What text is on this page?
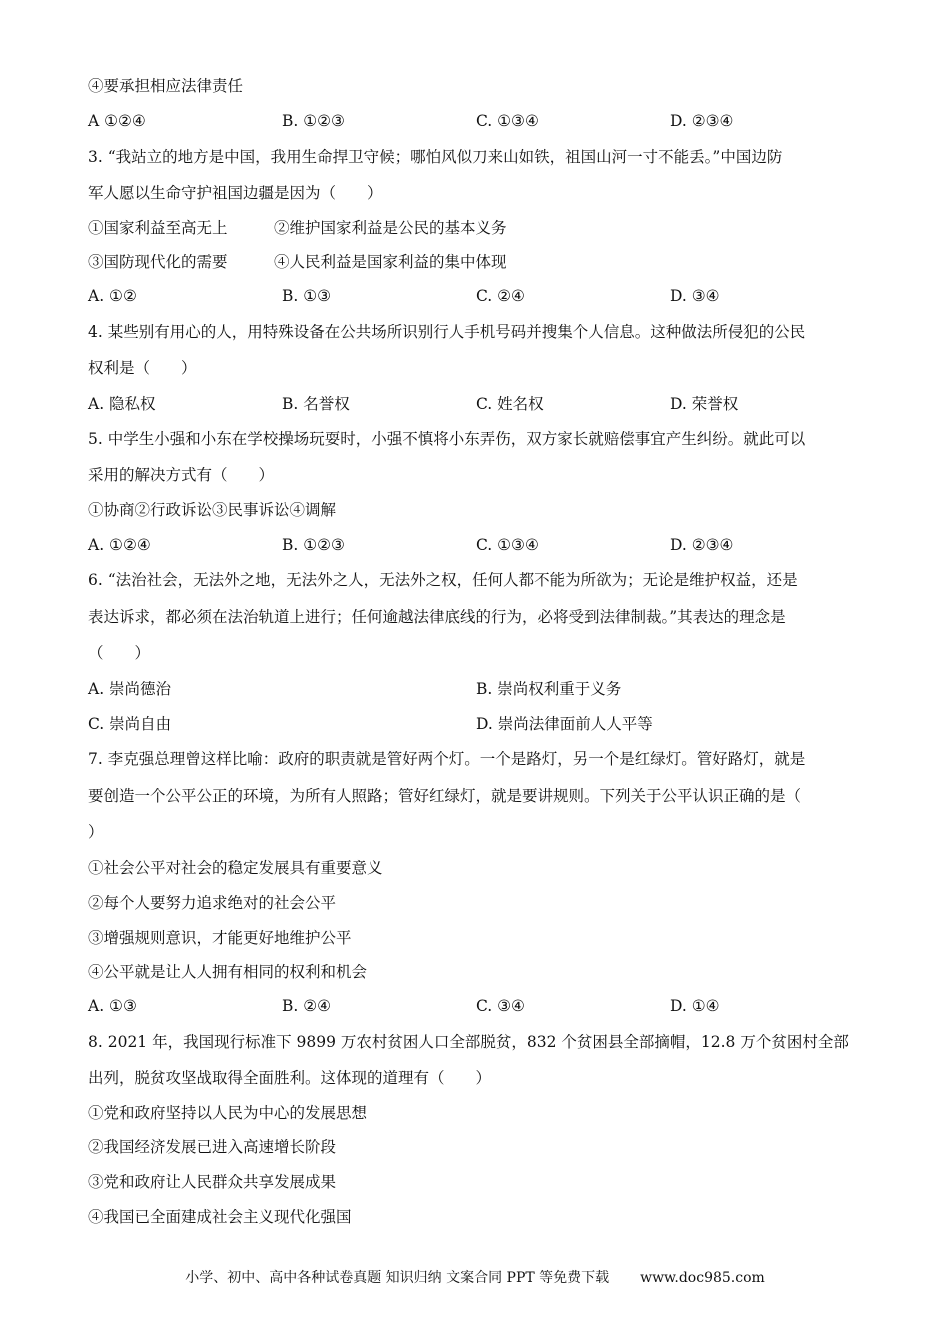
④要承担相应法律责任
A ①②④	B. ①②③	C. ①③④	D. ②③④
3. “我站立的地方是中国，我用生命捍卫守候；哪怕风似刀来山如铁，祖国山河一寸不能丢。”中国边防
军人愿以生命守护祖国边疆是因为（　　）
①国家利益至高无上　　　②维护国家利益是公民的基本义务
③国防现代化的需要　　　④人民利益是国家利益的集中体现
A. ①②	B. ①③	C. ②④	D. ③④
4. 某些别有用心的人，用特殊设备在公共场所识别行人手机号码并搜集个人信息。这种做法所侵犯的公民
权利是（　　）
A. 隐私权	B. 名誉权	C. 姓名权	D. 荣誉权
5. 中学生小强和小东在学校操场玩耍时，小强不慎将小东弄伤，双方家长就赔偿事宜产生纠纷。就此可以
采用的解决方式有（　　）
①协商②行政诉讼③民事诉讼④调解
A. ①②④	B. ①②③	C. ①③④	D. ②③④
6. “法治社会，无法外之地，无法外之人，无法外之权，任何人都不能为所欲为；无论是维护权益，还是
表达诉求，都必须在法治轨道上进行；任何逾越法律底线的行为，必将受到法律制裁。”其表达的理念是
（　　）
A. 崇尚德治	B. 崇尚权利重于义务
C. 崇尚自由	D. 崇尚法律面前人人平等
7. 李克强总理曾这样比喻：政府的职责就是管好两个灯。一个是路灯，另一个是红绿灯。管好路灯，就是
要创造一个公平公正的环境，为所有人照路；管好红绿灯，就是要讲规则。下列关于公平认识正确的是（
）
①社会公平对社会的稳定发展具有重要意义
②每个人要努力追求绝对的社会公平
③增强规则意识，才能更好地维护公平
④公平就是让人人拥有相同的权利和机会
A. ①③	B. ②④	C. ③④	D. ①④
8. 2021 年，我国现行标准下 9899 万农村贫困人口全部脱贫，832 个贫困县全部摘帽，12.8 万个贫困村全部
出列，脱贫攻坚战取得全面胜利。这体现的道理有（　　）
①党和政府坚持以人民为中心的发展思想
②我国经济发展已进入高速增长阶段
③党和政府让人民群众共享发展成果
④我国已全面建成社会主义现代化强国
小学、初中、高中各种试卷真题 知识归纳 文案合同 PPT 等免费下载 www.doc985.com
